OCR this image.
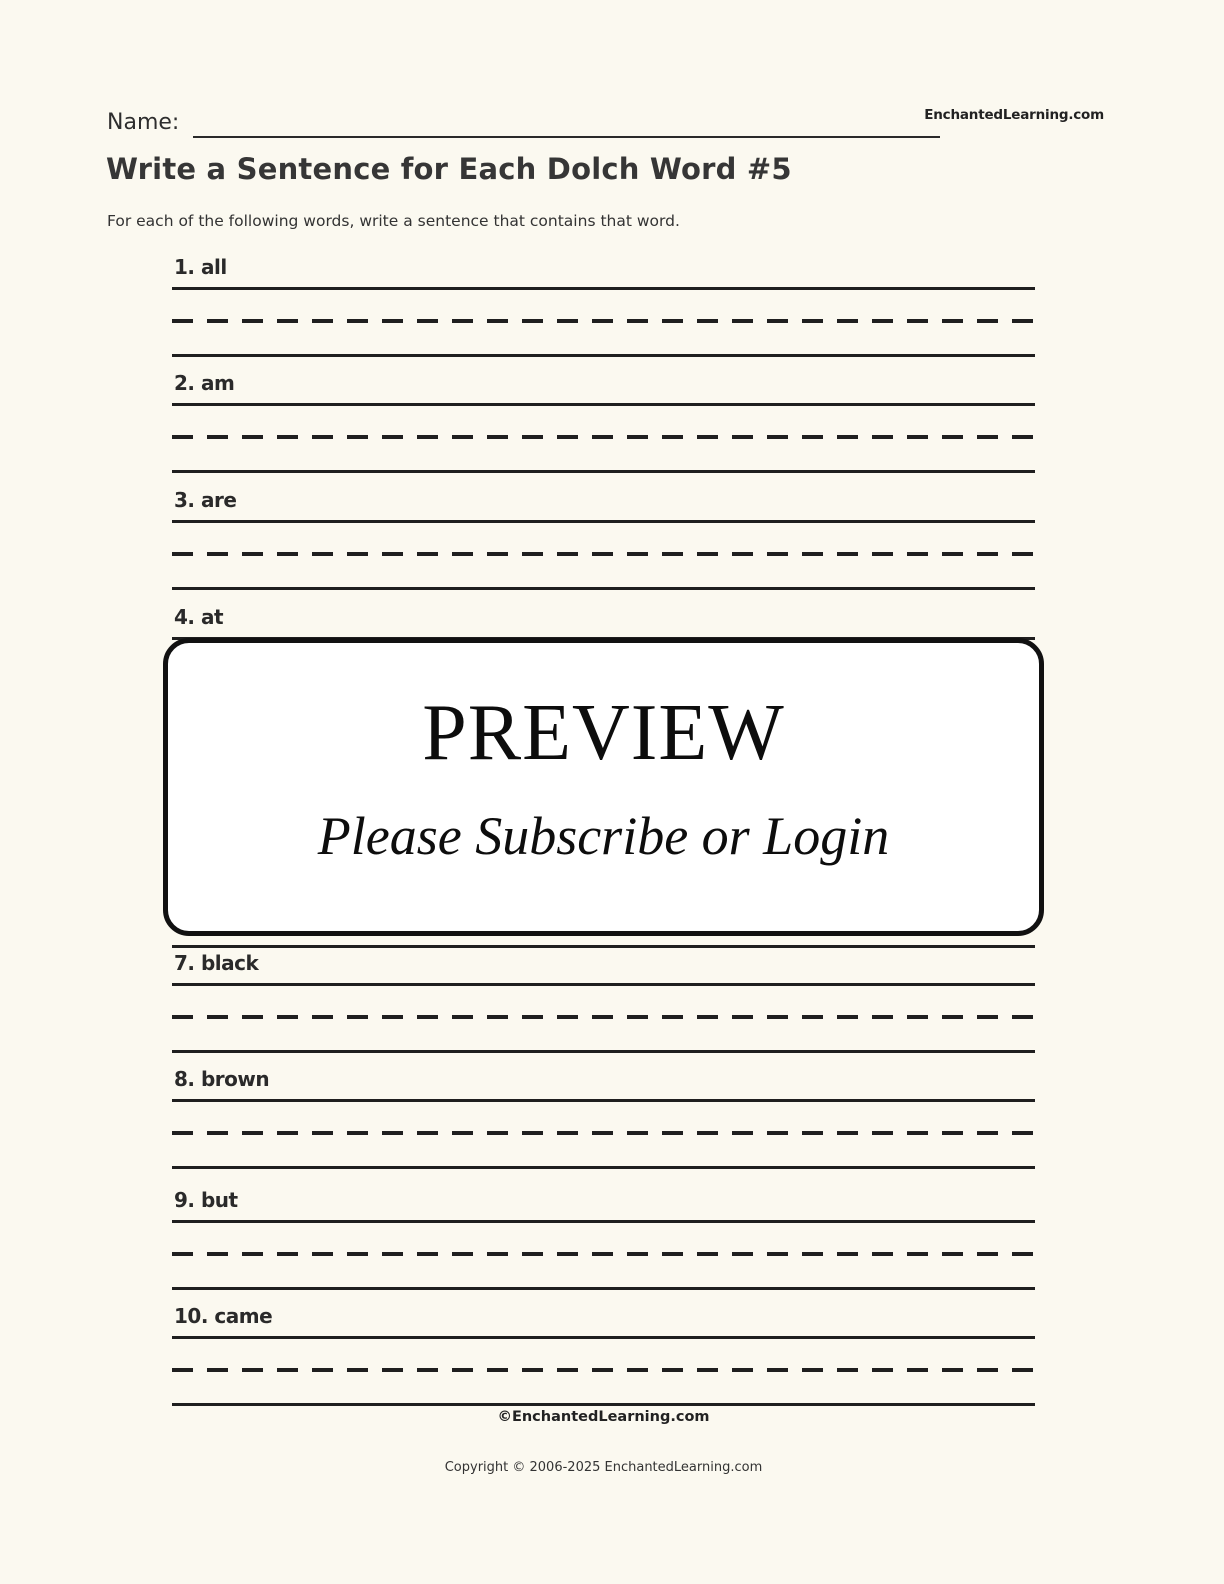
Name:	EnchantedLearning.com
Write a Sentence for Each Dolch Word #5
For each of the following words, write a sentence that contains that word.
1. all
2. am
3. are
4. at
PREVIEW
Please Subscribe or Login
7. black
8. brown
9. but
10. came
©EnchantedLearning.com
Copyright © 2006-2025 EnchantedLearning.com
